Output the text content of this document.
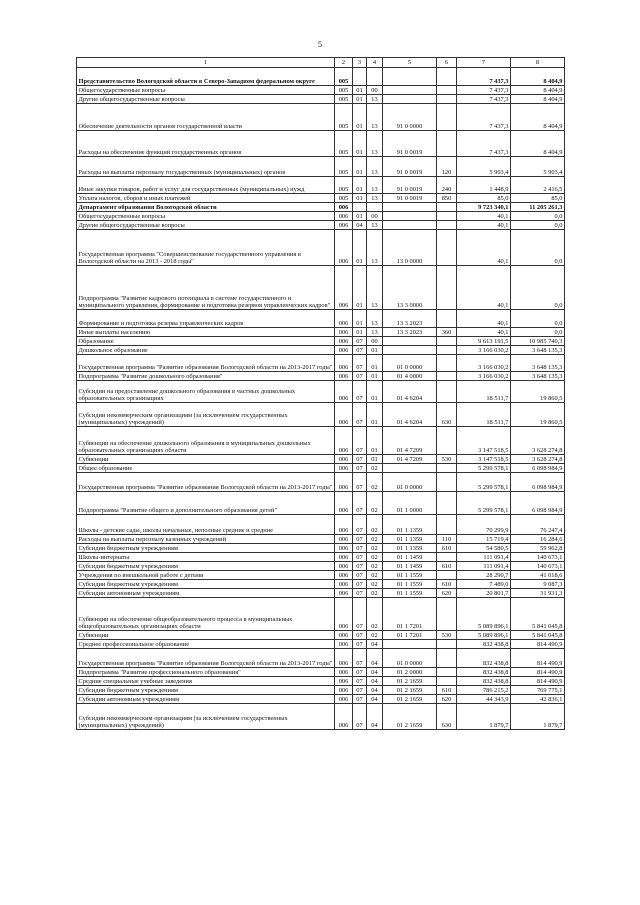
5
1	2	3	4	5	6	7	8
Представительство Вологодской области в Северо-Западном федеральном округе	005					7 437,3	8 404,9
Общегосударственные вопросы	005	01	00			7 437,3	8 404,9
Другие общегосударственные вопросы	005	01	13			7 437,3	8 404,9
Обеспечение деятельности органов государственной власти	005	01	13	91 0 0000		7 437,3	8 404,9
Расходы на обеспечение функций государственных органов	005	01	13	91 0 0019		7 437,3	8 404,9
Расходы на выплаты персоналу государственных (муниципальных) органов	005	01	13	91 0 0019	120	5 903,4	5 903,4
Иные закупки товаров, работ и услуг для государственных (муниципальных) нужд	005	01	13	91 0 0019	240	1 448,9	2 416,5
Уплата налогов, сборов и иных платежей	005	01	13	91 0 0019	850	85,0	85,0
Департамент образования Вологодской области	006					9 723 340,1	11 205 261,3
Общегосударственные вопросы	006	01	00			40,1	0,0
Другие общегосударственные вопросы	006	04	13			40,1	0,0
Государственная программа "Совершенствование государственного управления в Вологодской области на 2013 - 2018 годы"	006	01	13	13 0 0000		40,1	0,0
Подпрограмма "Развитие кадрового потенциала в системе государственного и муниципального управления, формирование и подготовка резервов управленческих кадров"	006	01	13	13 3 0000		40,1	0,0
Формирование и подготовка резерва управленческих кадров	006	01	13	13 3 2023		40,1	0,0
Иные выплаты населению	006	01	13	13 3 2023	360	40,1	0,0
Образование	006	07	00			9 613 191,5	10 985 740,3
Дошкольное образование	006	07	01			3 166 030,2	3 648 135,3
Государственная программа "Развитие образования Вологодской области на 2013-2017 годы"	006	07	01	01 0 0000		3 166 030,2	3 648 135,3
Подпрограмма "Развитие дошкольного образования"	006	07	01	01 4 0000		3 166 030,2	3 648 135,3
Субсидии на предоставление дошкольного образования в частных дошкольных образовательных организациях	006	07	01	01 4 6204		18 511,7	19 860,5
Субсидии некоммерческим организациям (за исключением государственных (муниципальных) учреждений)	006	07	01	01 4 6204	630	18 511,7	19 860,5
Субвенции на обеспечение дошкольного образования в муниципальных дошкольных образовательных организациях области	006	07	01	01 4 7209		3 147 518,5	3 628 274,8
Субвенции	006	07	01	01 4 7209	530	3 147 518,5	3 628 274,8
Общее образование	006	07	02			5 299 578,1	6 098 984,9
Государственная программа "Развитие образования Вологодской области на 2013-2017 годы"	006	07	02	01 0 0000		5 299 578,1	6 098 984,9
Подпрограмма "Развитие общего и дополнительного образования детей"	006	07	02	01 1 0000		5 299 578,1	6 098 984,9
Школы - детские сады, школы начальные, неполные средние и средние	006	07	02	01 1 1359		70 299,9	76 247,4
Расходы на выплаты персоналу казенных учреждений	006	07	02	01 1 1359	110	15 719,4	16 284,6
Субсидии бюджетным учреждениям	006	07	02	01 1 1359	610	54 580,5	59 962,8
Школы-интернаты	006	07	02	01 1 1459		111 091,4	140 673,1
Субсидии бюджетным учреждениям	006	07	02	01 1 1459	610	111 091,4	140 673,1
Учреждения по внешкольной работе с детьми	006	07	02	01 1 1559		28 290,7	41 018,6
Субсидии бюджетным учреждениям	006	07	02	01 1 1559	610	7 489,0	9 087,3
Субсидии автономным учреждениям	006	07	02	01 1 1559	620	20 801,7	31 931,3
Субвенции на обеспечение общеобразовательного процесса в муниципальных общеобразовательных организациях области	006	07	02	01 1 7201		5 089 896,1	5 841 045,8
Субвенции	006	07	02	01 1 7201	530	5 089 896,1	5 841 045,8
Среднее профессиональное образование	006	07	04			832 438,8	814 490,9
Государственная программа "Развитие образования Вологодской области на 2013-2017 годы"	006	07	04	01 0 0000		832 438,8	814 490,9
Подпрограмма "Развитие профессионального образования"	006	07	04	01 2 0000		832 438,8	814 490,9
Средние специальные учебные заведения	006	07	04	01 2 1659		832 438,8	814 490,9
Субсидии бюджетным учреждениям	006	07	04	01 2 1659	610	786 215,2	769 775,1
Субсидии автономным учреждениям	006	07	04	01 2 1659	620	44 343,9	42 836,1
Субсидии некоммерческим организациям (за исключением государственных (муниципальных) учреждений)	006	07	04	01 2 1659	630	1 879,7	1 879,7
